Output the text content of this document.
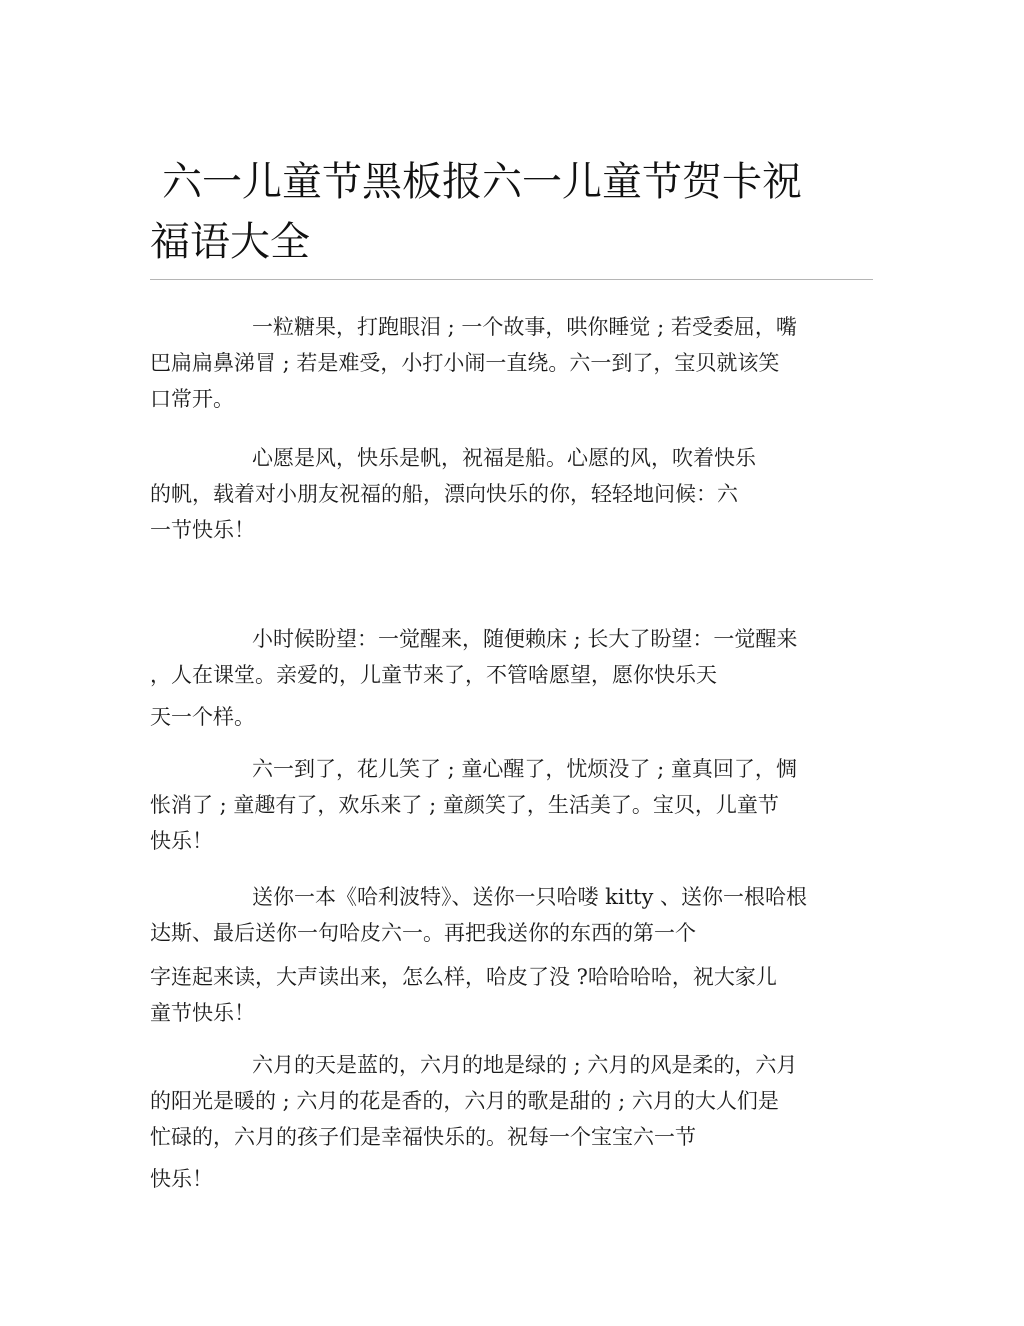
六一儿童节黑板报六一儿童节贺卡祝
福语大全

一粒糖果，打跑眼泪 ; 一个故事，哄你睡觉 ; 若受委屈，嘴
巴扁扁鼻涕冒 ; 若是难受，小打小闹一直绕。六一到了，宝贝就该笑
口常开。

心愿是风，快乐是帆，祝福是船。心愿的风，吹着快乐
的帆，载着对小朋友祝福的船，漂向快乐的你，轻轻地问候：六
一节快乐！

小时候盼望：一觉醒来，随便赖床 ; 长大了盼望：一觉醒来
，人在课堂。亲爱的，儿童节来了，不管啥愿望，愿你快乐天
天一个样。

六一到了，花儿笑了 ; 童心醒了，忧烦没了 ; 童真回了，惆
怅消了 ; 童趣有了，欢乐来了 ; 童颜笑了，生活美了。宝贝，儿童节
快乐！

送你一本《哈利波特》、送你一只哈喽 kitty 、送你一根哈根
达斯、最后送你一句哈皮六一。再把我送你的东西的第一个
字连起来读，大声读出来，怎么样，哈皮了没 ?哈哈哈哈，祝大家儿
童节快乐！

六月的天是蓝的，六月的地是绿的 ; 六月的风是柔的，六月
的阳光是暖的 ; 六月的花是香的，六月的歌是甜的 ; 六月的大人们是
忙碌的，六月的孩子们是幸福快乐的。祝每一个宝宝六一节
快乐！
